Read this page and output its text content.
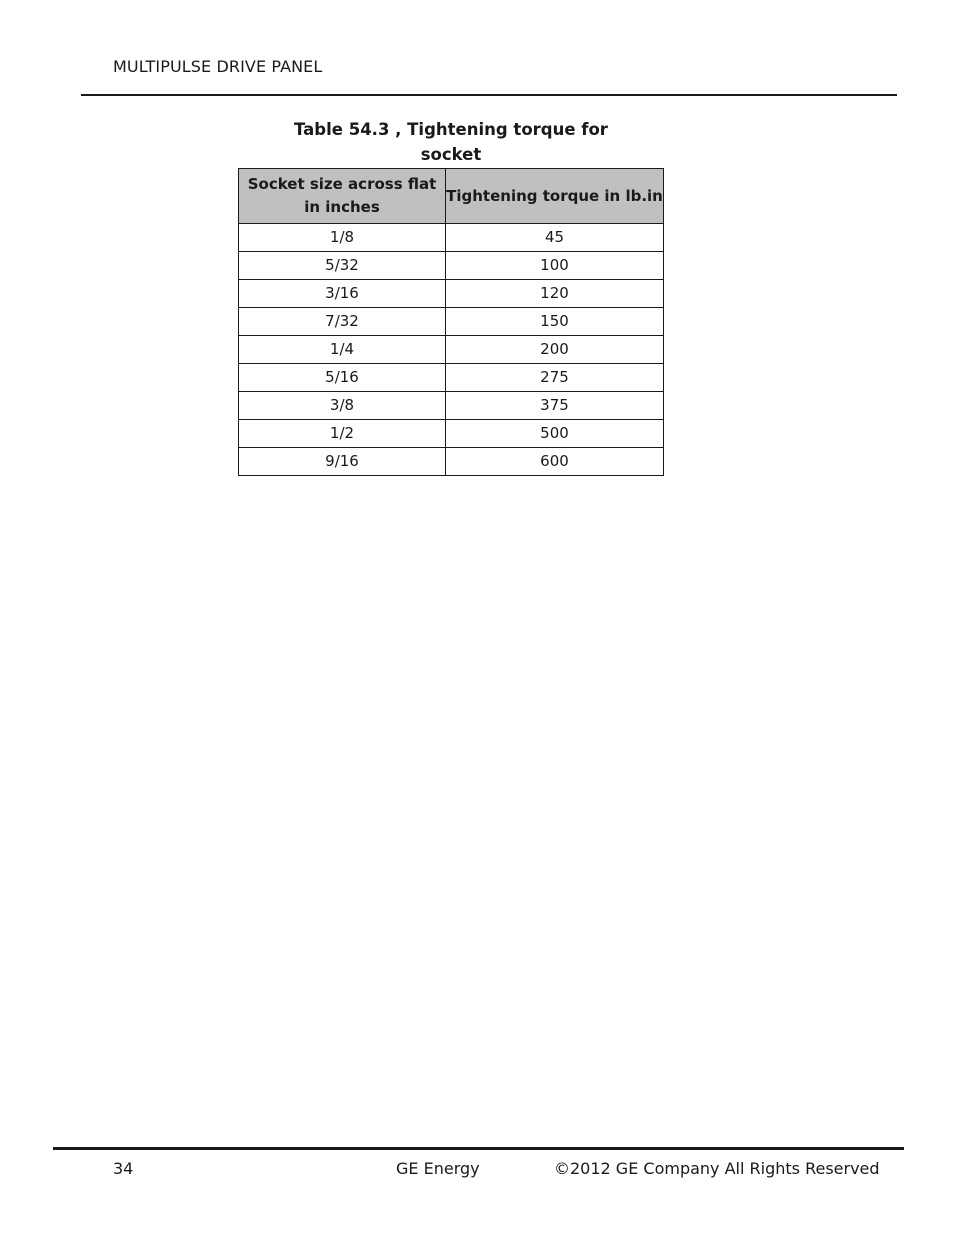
MULTIPULSE DRIVE PANEL
Table 54.3 , Tightening torque for socket
Socket size across flat in inches	Tightening torque in lb.in
1/8	45
5/32	100
3/16	120
7/32	150
1/4	200
5/16	275
3/8	375
1/2	500
9/16	600
34	GE Energy	©2012 GE Company All Rights Reserved
